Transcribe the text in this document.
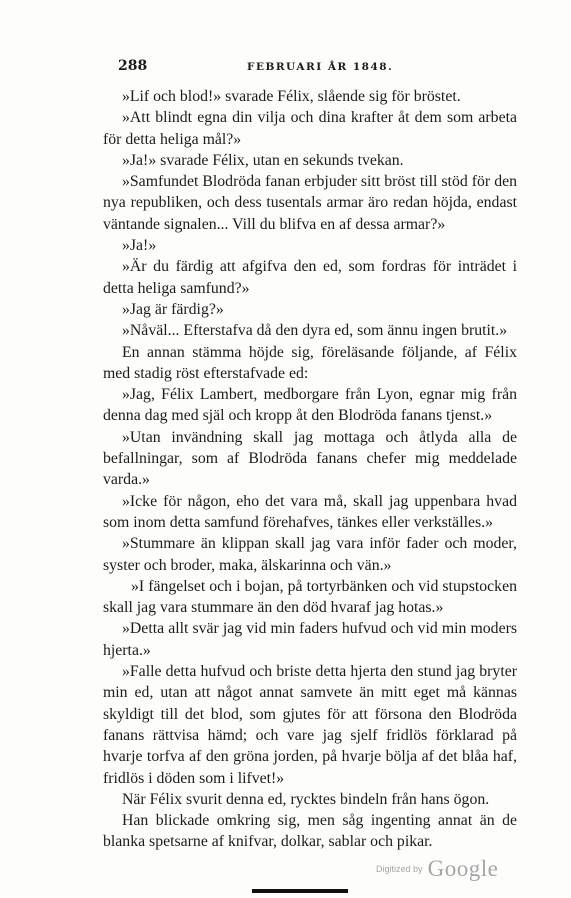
288	FEBRUARI ÅR 1848.

»Lif och blod!» svarade Félix, slående sig för bröstet.

»Att blindt egna din vilja och dina krafter åt dem som arbeta för detta heliga mål?»

»Ja!» svarade Félix, utan en sekunds tvekan.

»Samfundet Blodröda fanan erbjuder sitt bröst till stöd för den nya republiken, och dess tusentals armar äro redan höjda, endast väntande signalen... Vill du blifva en af dessa armar?»

»Ja!»

»Är du färdig att afgifva den ed, som fordras för inträdet i detta heliga samfund?»

»Jag är färdig?»

»Nåväl... Efterstafva då den dyra ed, som ännu ingen brutit.»

En annan stämma höjde sig, föreläsande följande, af Félix med stadig röst efterstafvade ed:

»Jag, Félix Lambert, medborgare från Lyon, egnar mig från denna dag med själ och kropp åt den Blodröda fanans tjenst.»

»Utan invändning skall jag mottaga och åtlyda alla de befallningar, som af Blodröda fanans chefer mig meddelade varda.»

»Icke för någon, eho det vara må, skall jag uppenbara hvad som inom detta samfund förehafves, tänkes eller verkställes.»

»Stummare än klippan skall jag vara inför fader och moder, syster och broder, maka, älskarinna och vän.»

»I fängelset och i bojan, på tortyrbänken och vid stupstocken skall jag vara stummare än den död hvaraf jag hotas.»

»Detta allt svär jag vid min faders hufvud och vid min moders hjerta.»

»Falle detta hufvud och briste detta hjerta den stund jag bryter min ed, utan att något annat samvete än mitt eget må kännas skyldigt till det blod, som gjutes för att försona den Blodröda fanans rättvisa hämd; och vare jag sjelf fridlös förklarad på hvarje torfva af den gröna jorden, på hvarje bölja af det blåa haf, fridlös i döden som i lifvet!»

När Félix svurit denna ed, rycktes bindeln från hans ögon.

Han blickade omkring sig, men såg ingenting annat än de blanka spetsarne af knifvar, dolkar, sablar och pikar.

Digitized by Google
